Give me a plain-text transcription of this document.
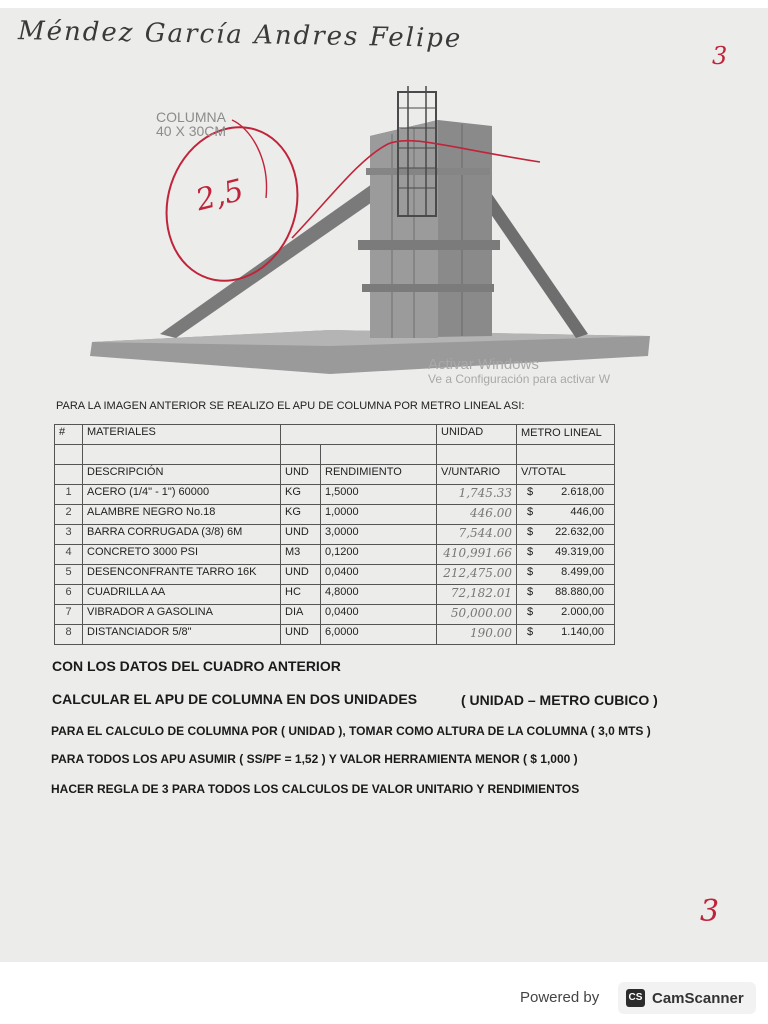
Méndez García Andres Felipe
3
COLUMNA
40 X 30CM
2,5
Activar Windows
Ve a Configuración para activar W
PARA LA IMAGEN ANTERIOR SE REALIZO EL APU DE COLUMNA POR METRO LINEAL ASI:
#	MATERIALES			UNIDAD	METRO LINEAL

	DESCRIPCIÓN	UND	RENDIMIENTO	V/UNTARIO	V/TOTAL
1	ACERO (1/4" - 1") 60000	KG	1,5000	1,745.33	$ 2.618,00

2	ALAMBRE NEGRO No.18	KG	1,0000	446.00	$ 446,00

3	BARRA CORRUGADA (3/8) 6M	UND	3,0000	7,544.00	$ 22.632,00

4	CONCRETO 3000 PSI	M3	0,1200	410,991.66	$ 49.319,00

5	DESENCONFRANTE TARRO 16K	UND	0,0400	212,475.00	$ 8.499,00

6	CUADRILLA AA	HC	4,8000	72,182.01	$ 88.880,00

7	VIBRADOR A GASOLINA	DIA	0,0400	50,000.00	$ 2.000,00

8	DISTANCIADOR 5/8"	UND	6,0000	190.00	$ 1.140,00
CON LOS DATOS DEL CUADRO ANTERIOR
CALCULAR EL APU DE COLUMNA EN DOS UNIDADES	( UNIDAD – METRO CUBICO )
PARA EL CALCULO DE COLUMNA POR ( UNIDAD ), TOMAR COMO ALTURA DE LA COLUMNA ( 3,0 MTS )
PARA TODOS LOS APU ASUMIR ( SS/PF = 1,52 ) Y VALOR HERRAMIENTA MENOR ( $ 1,000 )
HACER REGLA DE 3 PARA TODOS LOS CALCULOS DE VALOR UNITARIO Y RENDIMIENTOS
3
Powered by	CS CamScanner
